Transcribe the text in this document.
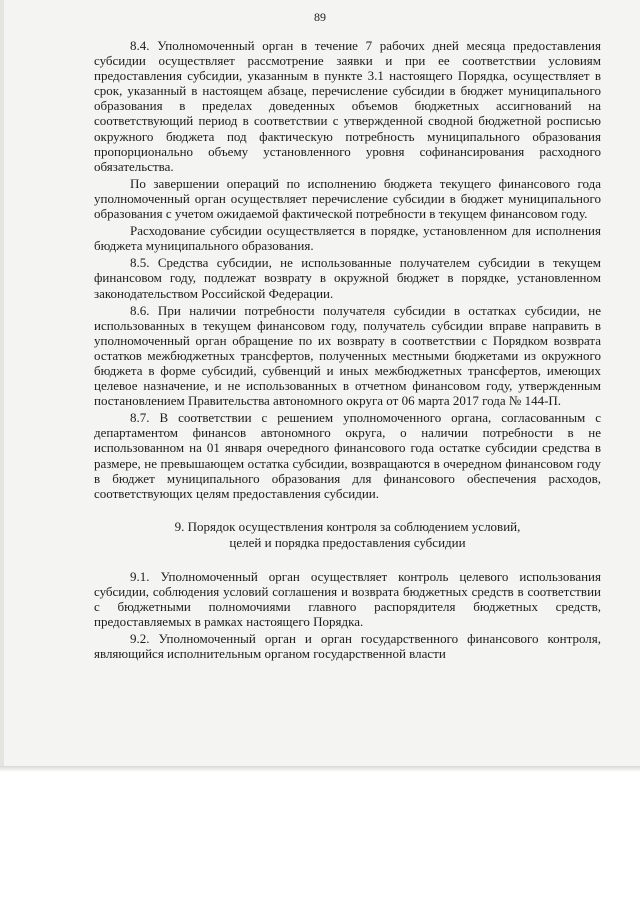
89

8.4. Уполномоченный орган в течение 7 рабочих дней месяца предоставления субсидии осуществляет рассмотрение заявки и при ее соответствии условиям предоставления субсидии, указанным в пункте 3.1 настоящего Порядка, осуществляет в срок, указанный в настоящем абзаце, перечисление субсидии в бюджет муниципального образования в пределах доведенных объемов бюджетных ассигнований на соответствующий период в соответствии с утвержденной сводной бюджетной росписью окружного бюджета под фактическую потребность муниципального образования пропорционально объему установленного уровня софинансирования расходного обязательства.

По завершении операций по исполнению бюджета текущего финансового года уполномоченный орган осуществляет перечисление субсидии в бюджет муниципального образования с учетом ожидаемой фактической потребности в текущем финансовом году.

Расходование субсидии осуществляется в порядке, установленном для исполнения бюджета муниципального образования.

8.5. Средства субсидии, не использованные получателем субсидии в текущем финансовом году, подлежат возврату в окружной бюджет в порядке, установленном законодательством Российской Федерации.

8.6. При наличии потребности получателя субсидии в остатках субсидии, не использованных в текущем финансовом году, получатель субсидии вправе направить в уполномоченный орган обращение по их возврату в соответствии с Порядком возврата остатков межбюджетных трансфертов, полученных местными бюджетами из окружного бюджета в форме субсидий, субвенций и иных межбюджетных трансфертов, имеющих целевое назначение, и не использованных в отчетном финансовом году, утвержденным постановлением Правительства автономного округа от 06 марта 2017 года № 144-П.

8.7. В соответствии с решением уполномоченного органа, согласованным с департаментом финансов автономного округа, о наличии потребности в не использованном на 01 января очередного финансового года остатке субсидии средства в размере, не превышающем остатка субсидии, возвращаются в очередном финансовом году в бюджет муниципального образования для финансового обеспечения расходов, соответствующих целям предоставления субсидии.

9. Порядок осуществления контроля за соблюдением условий,
целей и порядка предоставления субсидии

9.1. Уполномоченный орган осуществляет контроль целевого использования субсидии, соблюдения условий соглашения и возврата бюджетных средств в соответствии с бюджетными полномочиями главного распорядителя бюджетных средств, предоставляемых в рамках настоящего Порядка.

9.2. Уполномоченный орган и орган государственного финансового контроля, являющийся исполнительным органом государственной власти
